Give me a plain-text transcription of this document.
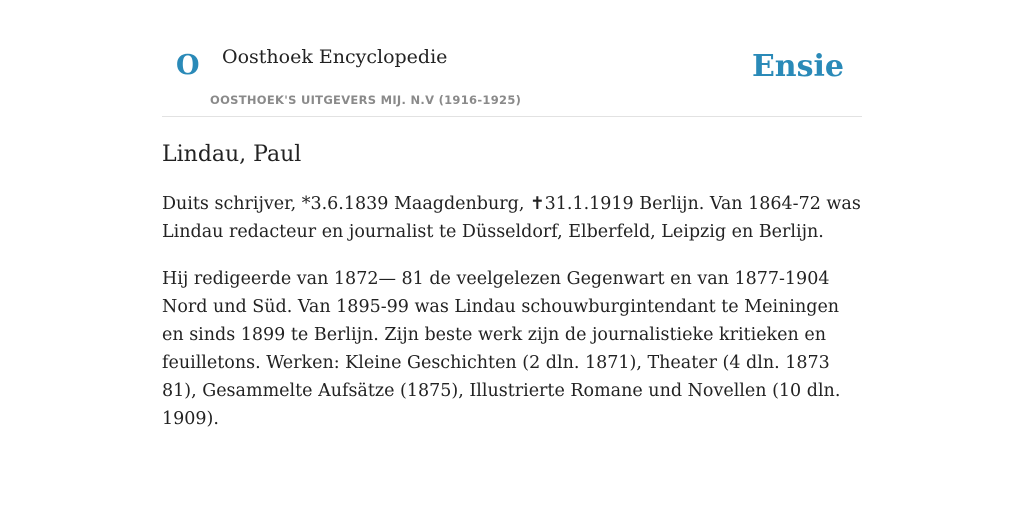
O Oosthoek Encyclopedie
OOSTHOEK'S UITGEVERS MIJ. N.V (1916-1925)
Ensie
Lindau, Paul

Duits schrijver, *3.6.1839 Maagdenburg, ✝31.1.1919 Berlijn. Van 1864-72 was Lindau redacteur en journalist te Düsseldorf, Elberfeld, Leipzig en Berlijn.

Hij redigeerde van 1872— 81 de veelgelezen Gegenwart en van 1877-1904 Nord und Süd. Van 1895-99 was Lindau schouwburgintendant te Meiningen en sinds 1899 te Berlijn. Zijn beste werk zijn de journalistieke kritieken en feuilletons. Werken: Kleine Geschichten (2 dln. 1871), Theater (4 dln. 1873 81), Gesammelte Aufsätze (1875), Illustrierte Romane und Novellen (10 dln. 1909).
